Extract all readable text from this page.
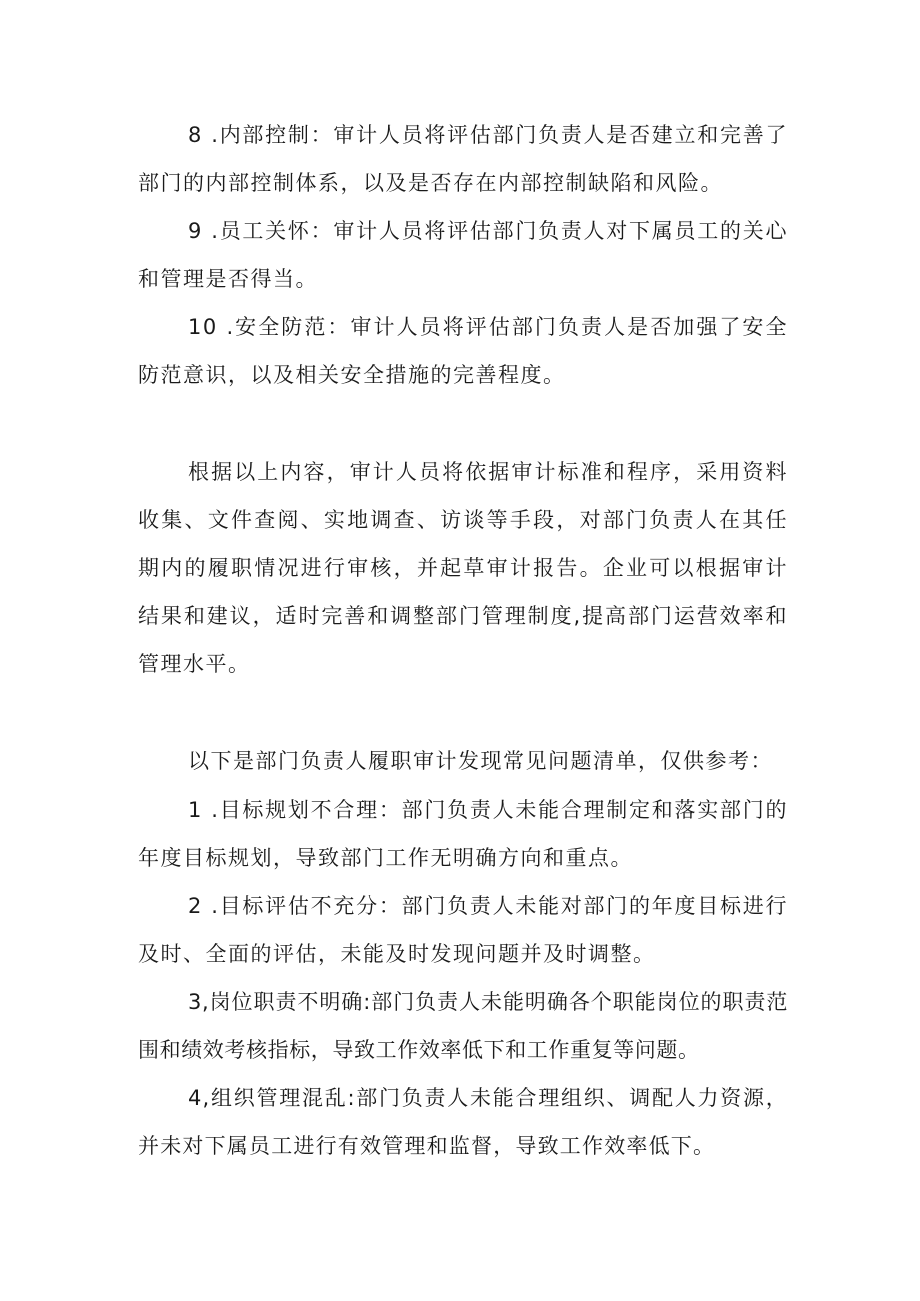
8 .内部控制：审计人员将评估部门负责人是否建立和完善了部门的内部控制体系，以及是否存在内部控制缺陷和风险。

9 .员工关怀：审计人员将评估部门负责人对下属员工的关心和管理是否得当。

10 .安全防范：审计人员将评估部门负责人是否加强了安全防范意识，以及相关安全措施的完善程度。

根据以上内容，审计人员将依据审计标准和程序，采用资料收集、文件查阅、实地调查、访谈等手段，对部门负责人在其任期内的履职情况进行审核，并起草审计报告。企业可以根据审计结果和建议，适时完善和调整部门管理制度,提高部门运营效率和管理水平。

以下是部门负责人履职审计发现常见问题清单，仅供参考：

1 .目标规划不合理：部门负责人未能合理制定和落实部门的年度目标规划，导致部门工作无明确方向和重点。

2 .目标评估不充分：部门负责人未能对部门的年度目标进行及时、全面的评估，未能及时发现问题并及时调整。

3,岗位职责不明确:部门负责人未能明确各个职能岗位的职责范围和绩效考核指标，导致工作效率低下和工作重复等问题。

4,组织管理混乱:部门负责人未能合理组织、调配人力资源，并未对下属员工进行有效管理和监督，导致工作效率低下。
